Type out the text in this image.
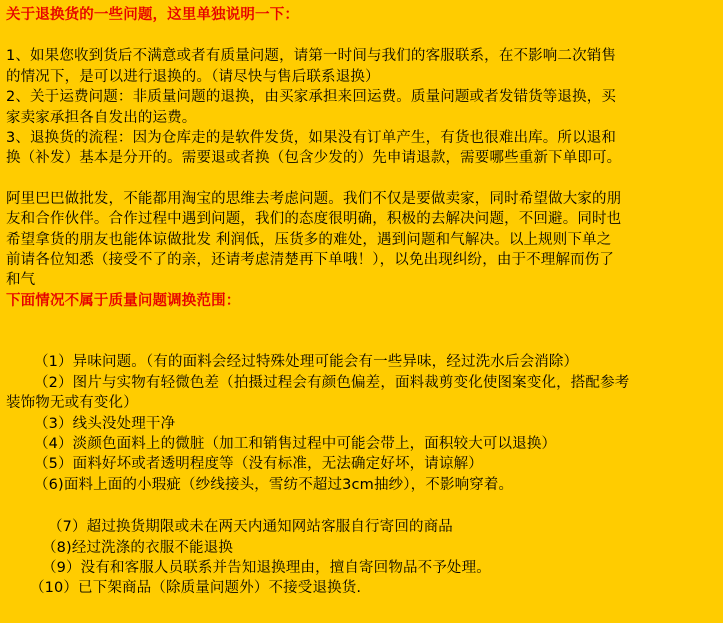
关于退换货的一些问题，这里单独说明一下：
1、如果您收到货后不满意或者有质量问题，请第一时间与我们的客服联系，在不影响二次销售
的情况下，是可以进行退换的。（请尽快与售后联系退换）
2、关于运费问题：非质量问题的退换，由买家承担来回运费。质量问题或者发错货等退换，买
家卖家承担各自发出的运费。
3、退换货的流程：因为仓库走的是软件发货，如果没有订单产生，有货也很难出库。所以退和
换（补发）基本是分开的。需要退或者换（包含少发的）先申请退款，需要哪些重新下单即可。
阿里巴巴做批发，不能都用淘宝的思维去考虑问题。我们不仅是要做卖家，同时希望做大家的朋
友和合作伙伴。合作过程中遇到问题，我们的态度很明确，积极的去解决问题，不回避。同时也
希望拿货的朋友也能体谅做批发 利润低，压货多的难处，遇到问题和气解决。以上规则下单之
前请各位知悉（接受不了的亲，还请考虑清楚再下单哦！），以免出现纠纷，由于不理解而伤了
和气
下面情况不属于质量问题调换范围：
（1）异味问题。（有的面料会经过特殊处理可能会有一些异味，经过洗水后会消除）
（2）图片与实物有轻微色差（拍摄过程会有颜色偏差，面料裁剪变化使图案变化，搭配参考
装饰物无或有变化）
（3）线头没处理干净
（4）淡颜色面料上的微脏（加工和销售过程中可能会带上，面积较大可以退换）
（5）面料好坏或者透明程度等（没有标准，无法确定好坏，请谅解）
（6)面料上面的小瑕疵（纱线接头，雪纺不超过3cm抽纱），不影响穿着。
（7）超过换货期限或未在两天内通知网站客服自行寄回的商品
（8)经过洗涤的衣服不能退换
（9）没有和客服人员联系并告知退换理由，擅自寄回物品不予处理。
（10）已下架商品（除质量问题外）不接受退换货.
